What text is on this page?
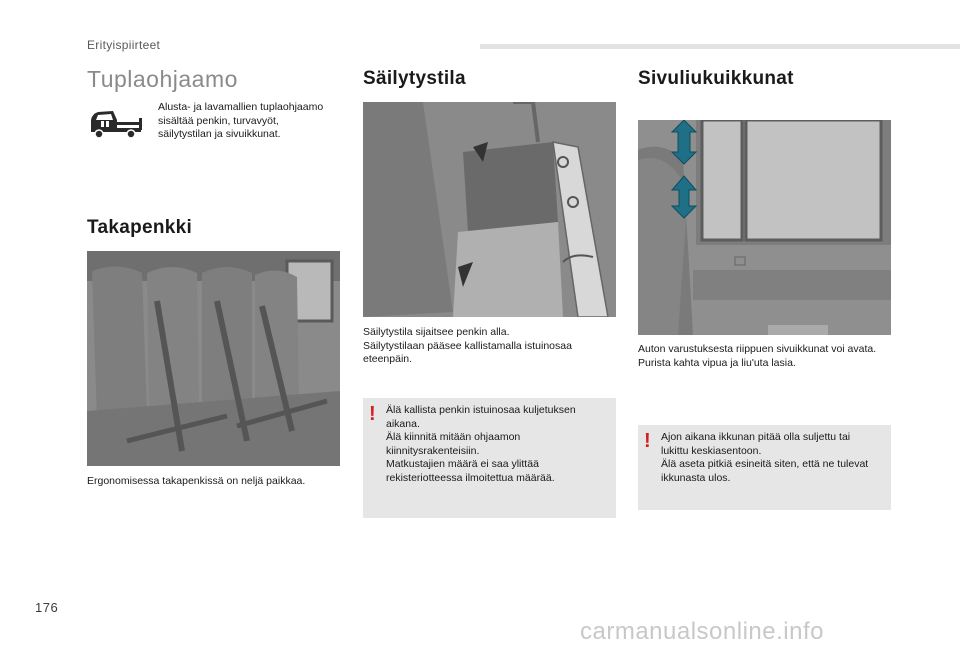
Erityispiirteet
Tuplaohjaamo
Alusta- ja lavamallien tuplaohjaamo
sisältää penkin, turvavyöt,
säilytystilan ja sivuikkunat.
Takapenkki
Ergonomisessa takapenkissä on neljä paikkaa.
Säilytystila
Säilytystila sijaitsee penkin alla.
Säilytystilaan pääsee kallistamalla istuinosaa
eteenpäin.
! Älä kallista penkin istuinosaa kuljetuksen
aikana.
Älä kiinnitä mitään ohjaamon
kiinnitysrakenteisiin.
Matkustajien määrä ei saa ylittää
rekisteriotteessa ilmoitettua määrää.
Sivuliukuikkunat
Auton varustuksesta riippuen sivuikkunat voi avata.
Purista kahta vipua ja liu'uta lasia.
! Ajon aikana ikkunan pitää olla suljettu tai
lukittu keskiasentoon.
Älä aseta pitkiä esineitä siten, että ne tulevat
ikkunasta ulos.
176
carmanualsonline.info
